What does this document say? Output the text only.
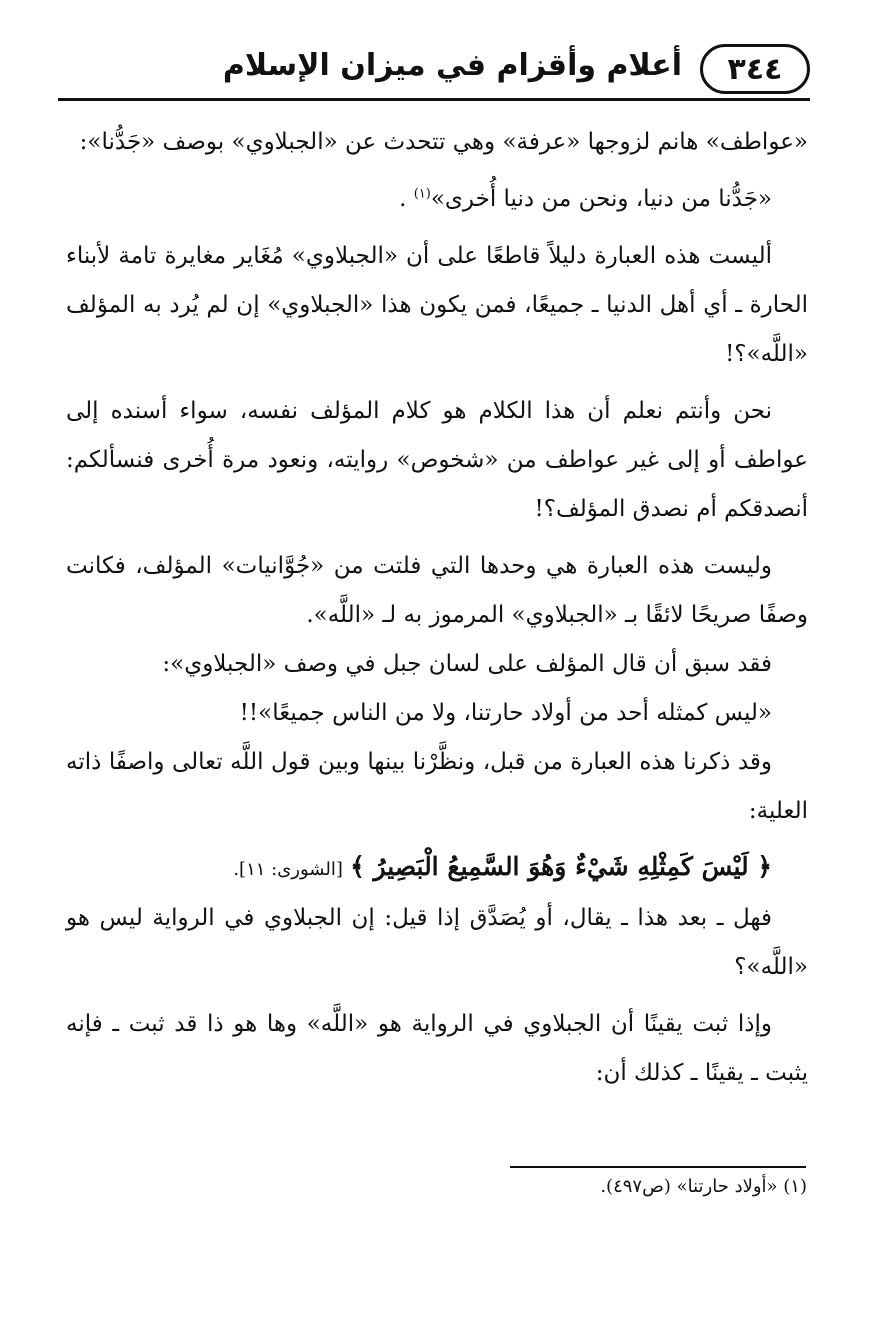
٣٤٤
أعلام وأقزام في ميزان الإسلام

«عواطف» هانم لزوجها «عرفة» وهي تتحدث عن «الجبلاوي» بوصف «جَدُّنا»:

«جَدُّنا من دنيا، ونحن من دنيا أُخرى»$^{(١)}$ .

أليست هذه العبارة دليلاً قاطعًا على أن «الجبلاوي» مُغَاير مغايرة تامة لأبناء الحارة ـ أي أهل الدنيا ـ جميعًا، فمن يكون هذا «الجبلاوي» إن لم يُرد به المؤلف «اللَّه»؟!

نحن وأنتم نعلم أن هذا الكلام هو كلام المؤلف نفسه، سواء أسنده إلى عواطف أو إلى غير عواطف من «شخوص» روايته، ونعود مرة أُخرى فنسألكم: أنصدقكم أم نصدق المؤلف؟!

وليست هذه العبارة هي وحدها التي فلتت من «جُوَّانيات» المؤلف، فكانت وصفًا صريحًا لائقًا بـ «الجبلاوي» المرموز به لـ «اللَّه».

فقد سبق أن قال المؤلف على لسان جبل في وصف «الجبلاوي»:

«ليس كمثله أحد من أولاد حارتنا، ولا من الناس جميعًا»!!

وقد ذكرنا هذه العبارة من قبل، ونظَّرْنا بينها وبين قول اللَّه تعالى واصفًا ذاته العلية:

﴿ لَيْسَ كَمِثْلِهِ شَيْءٌ وَهُوَ السَّمِيعُ الْبَصِيرُ ﴾ [الشورى: ١١].

فهل ـ بعد هذا ـ يقال، أو يُصَدَّق إذا قيل: إن الجبلاوي في الرواية ليس هو «اللَّه»؟

وإذا ثبت يقينًا أن الجبلاوي في الرواية هو «اللَّه» وها هو ذا قد ثبت ـ فإنه يثبت ـ يقينًا ـ كذلك أن:

(١) «أولاد حارتنا» (ص٤٩٧).
